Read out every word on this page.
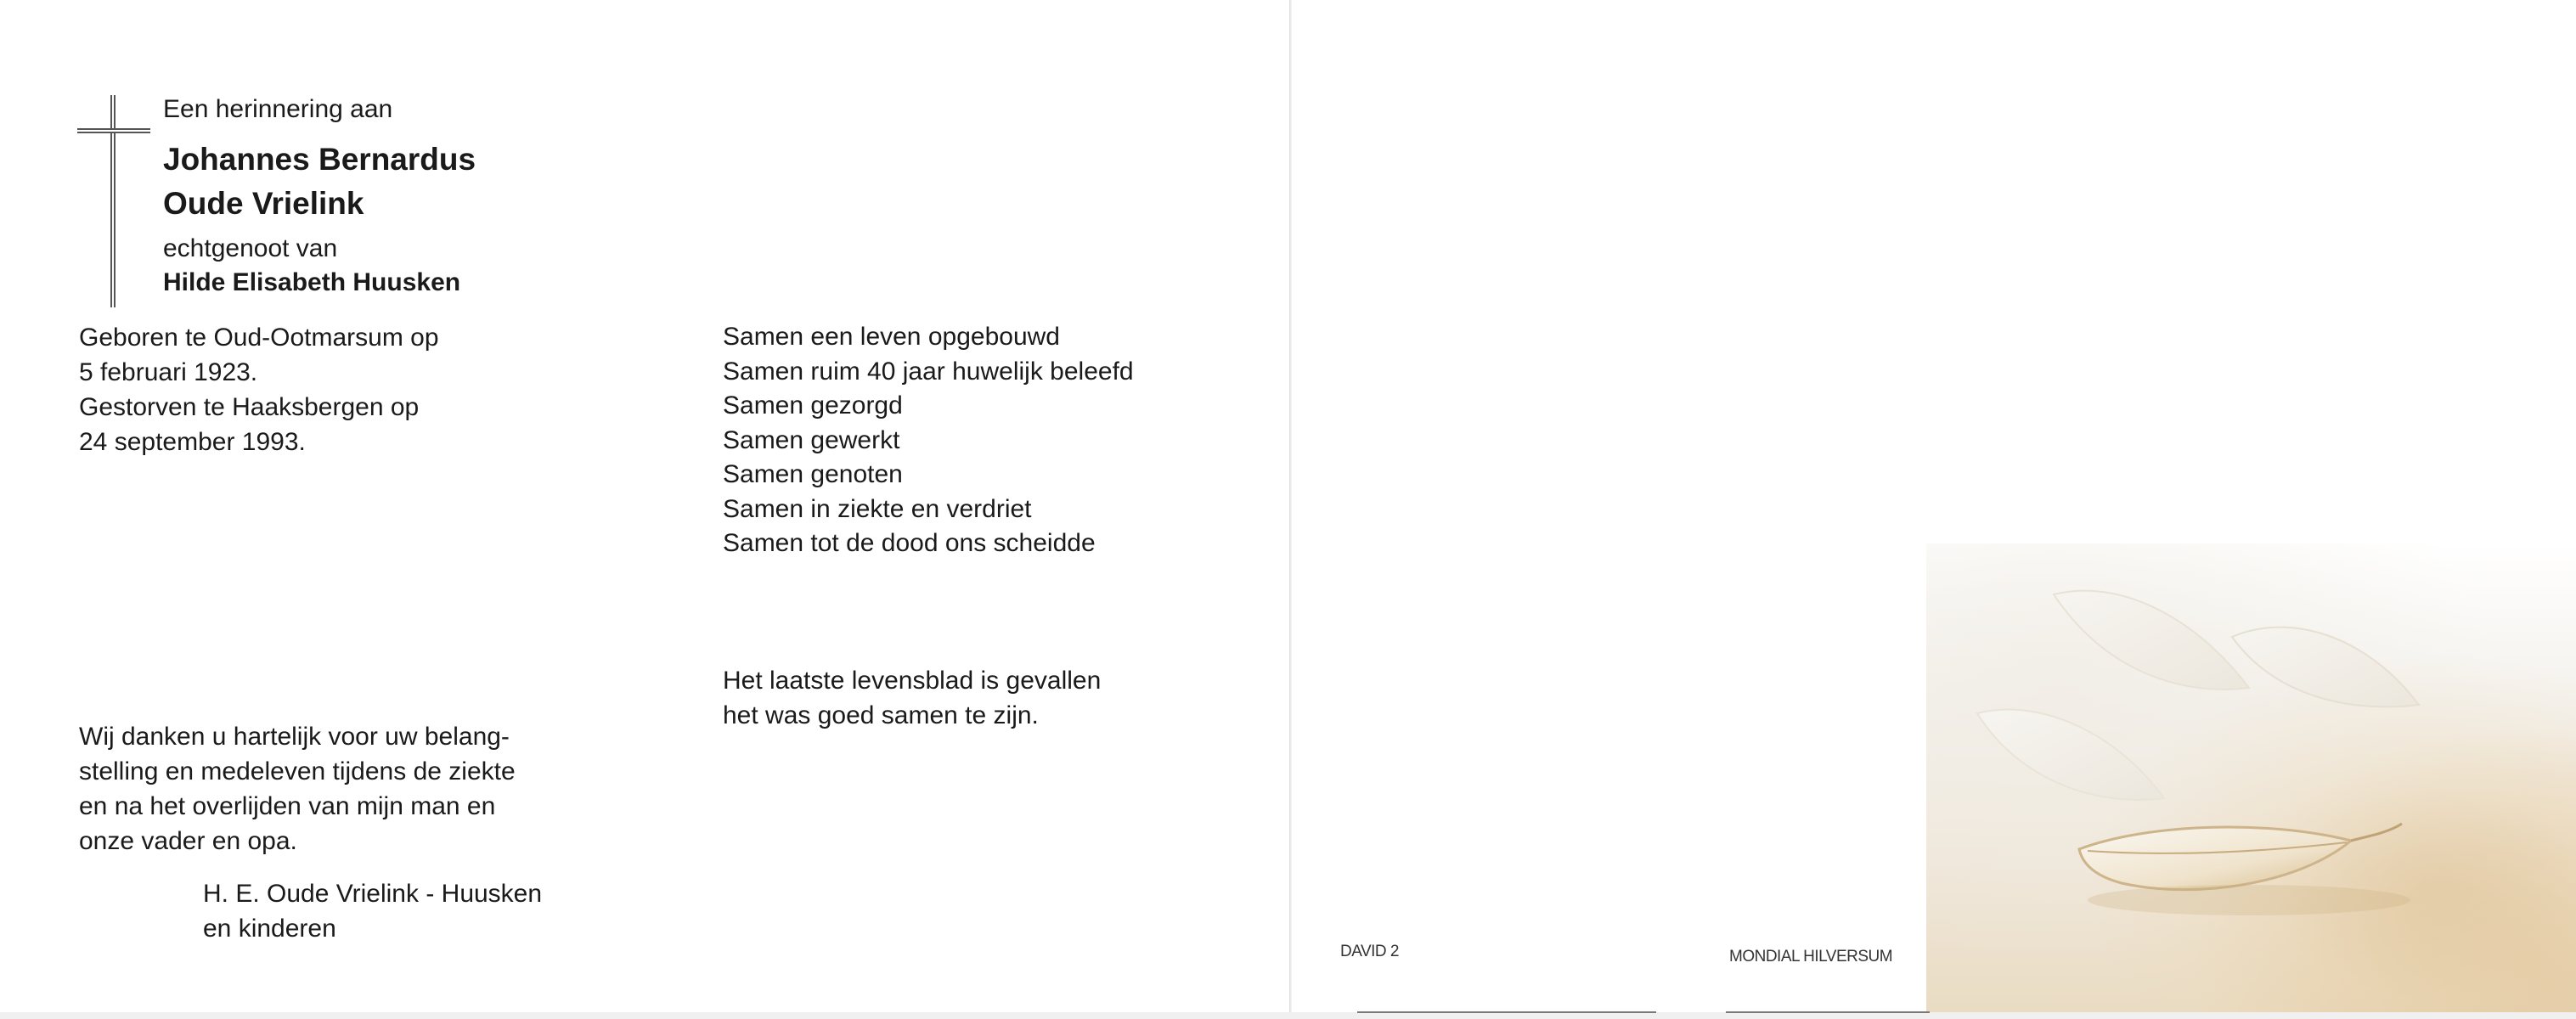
Een herinnering aan
Johannes Bernardus
Oude Vrielink
echtgenoot van
Hilde Elisabeth Huusken
Geboren te Oud-Ootmarsum op
5 februari 1923.
Gestorven te Haaksbergen op
24 september 1993.
Samen een leven opgebouwd
Samen ruim 40 jaar huwelijk beleefd
Samen gezorgd
Samen gewerkt
Samen genoten
Samen in ziekte en verdriet
Samen tot de dood ons scheidde
Het laatste levensblad is gevallen
het was goed samen te zijn.
Wij danken u hartelijk voor uw belang-
stelling en medeleven tijdens de ziekte
en na het overlijden van mijn man en
onze vader en opa.
H. E. Oude Vrielink - Huusken
en kinderen
DAVID 2	MONDIAL HILVERSUM
